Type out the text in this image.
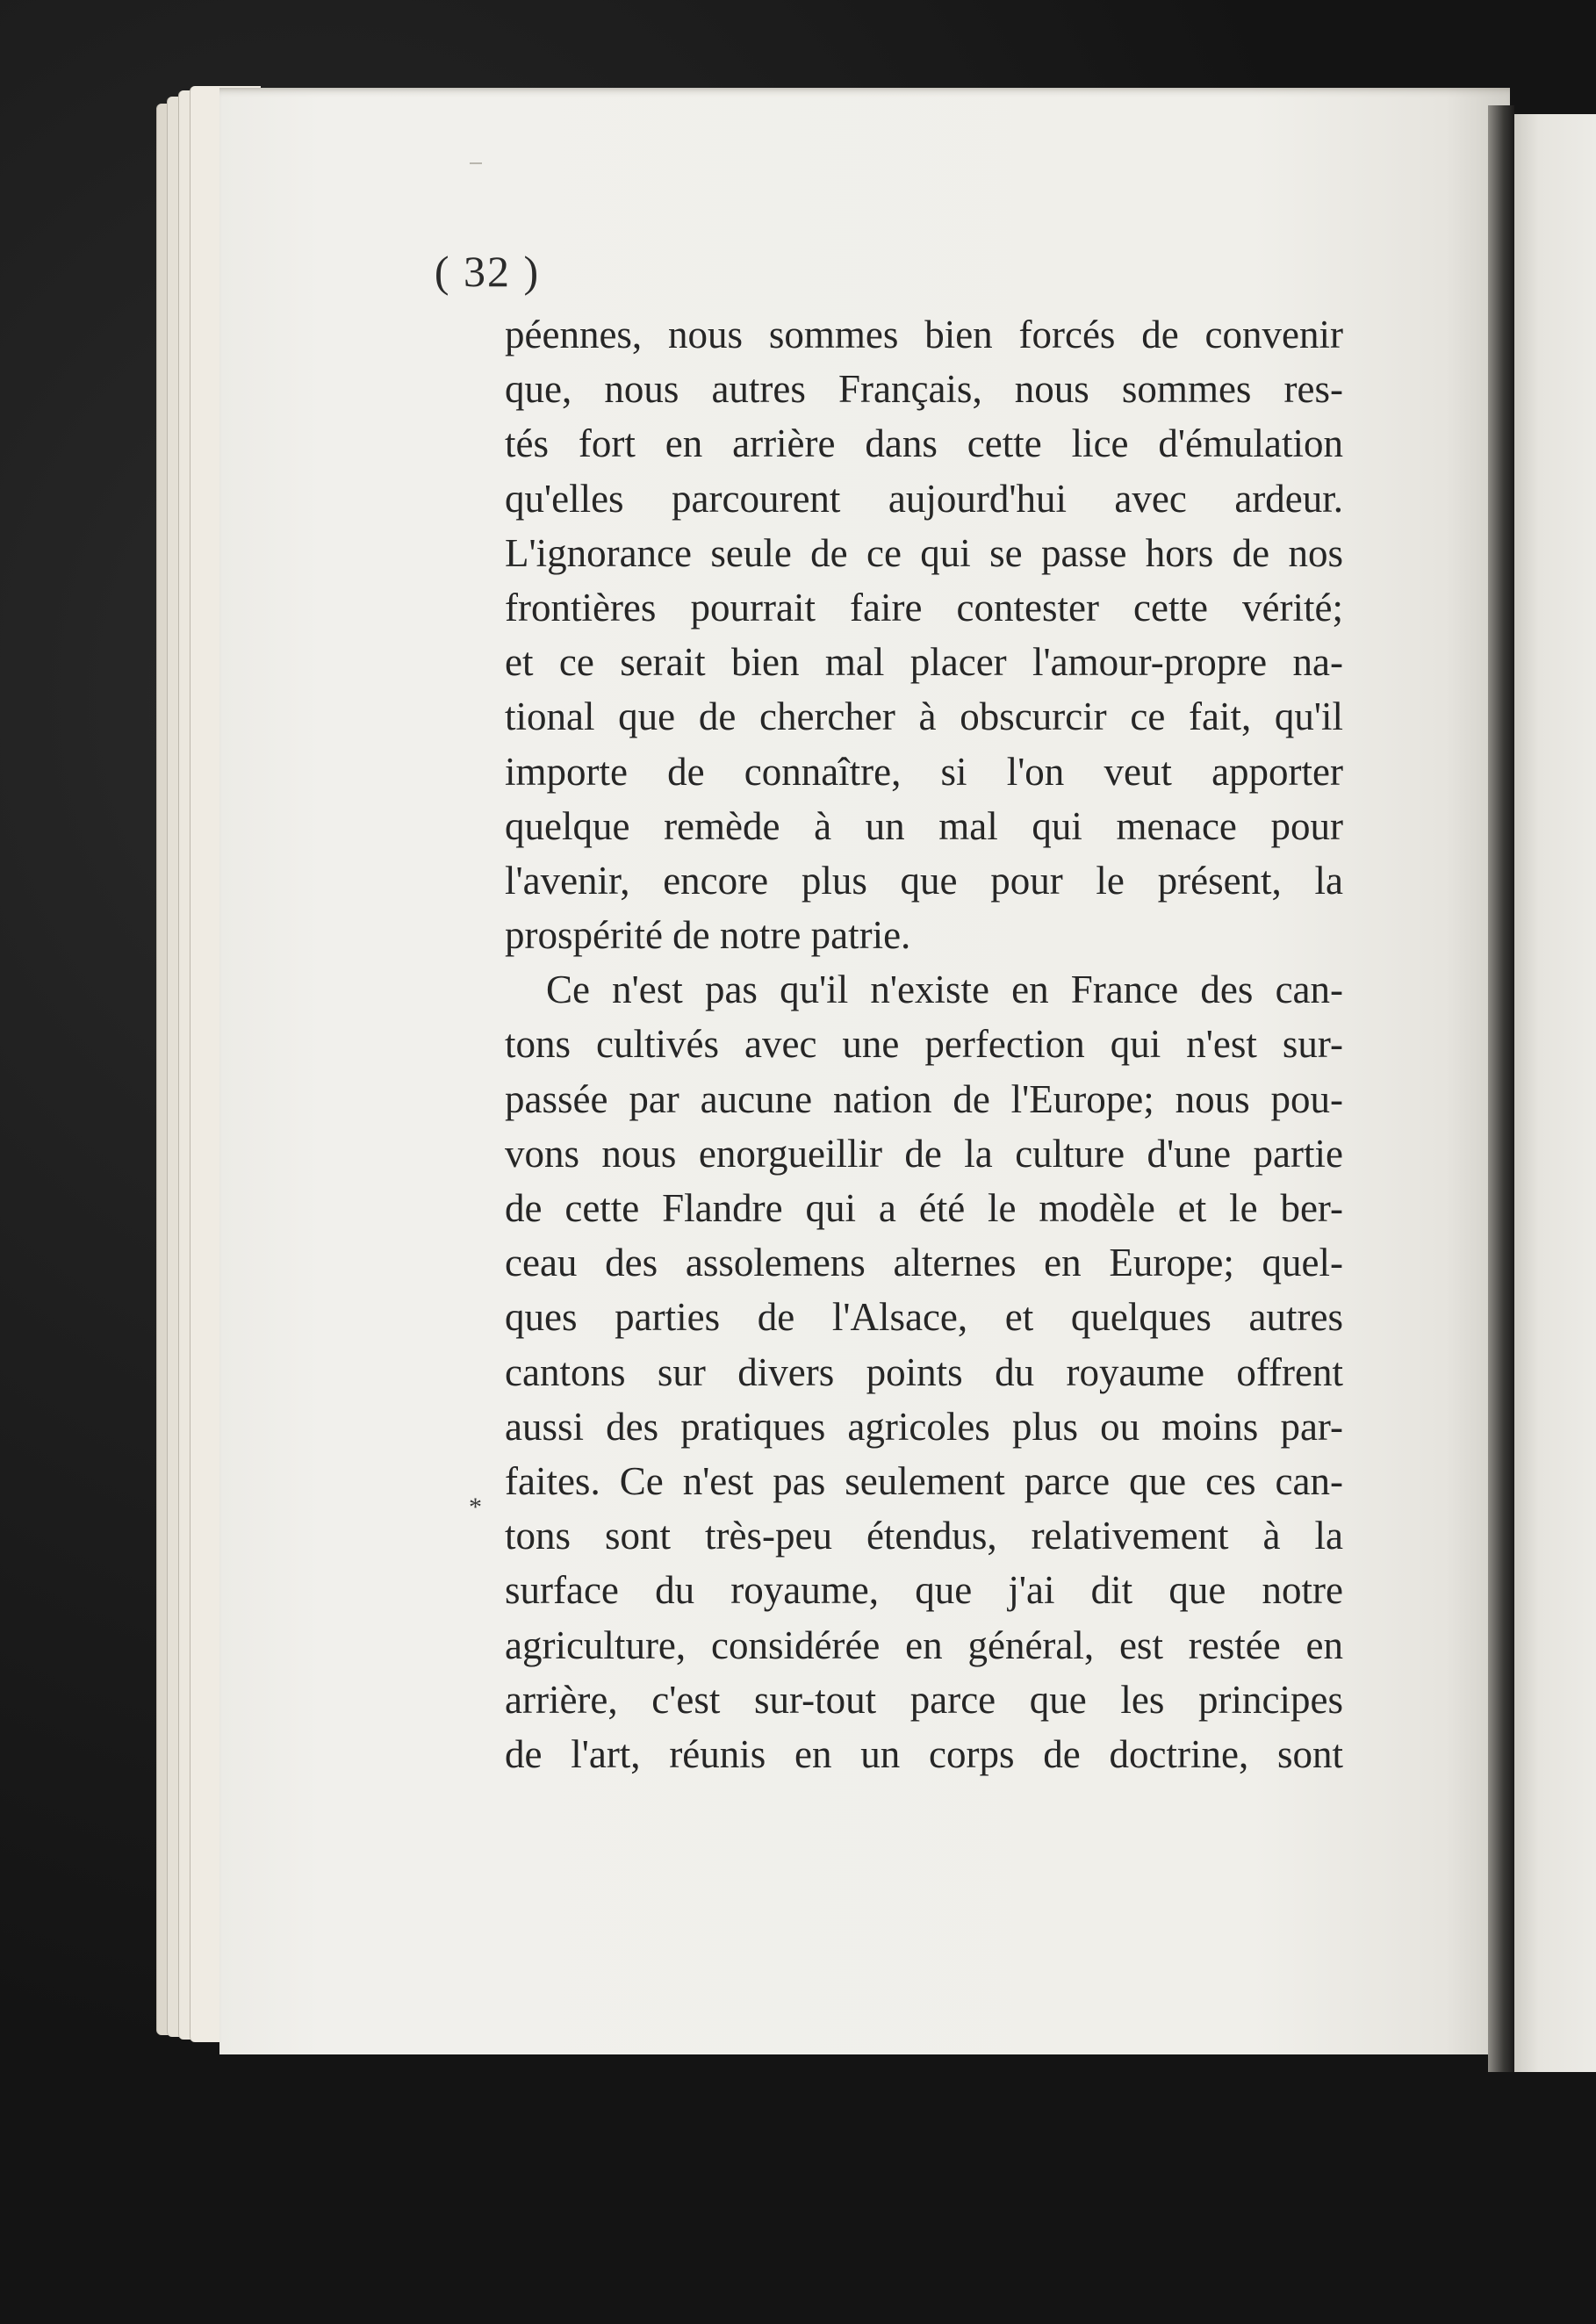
( 32 )
*
péennes, nous sommes bien forcés de convenir
que, nous autres Français, nous sommes res-
tés fort en arrière dans cette lice d'émulation
qu'elles parcourent aujourd'hui avec ardeur.
L'ignorance seule de ce qui se passe hors de nos
frontières pourrait faire contester cette vérité;
et ce serait bien mal placer l'amour-propre na-
tional que de chercher à obscurcir ce fait, qu'il
importe de connaître, si l'on veut apporter
quelque remède à un mal qui menace pour
l'avenir, encore plus que pour le présent, la
prospérité de notre patrie.
Ce n'est pas qu'il n'existe en France des can-
tons cultivés avec une perfection qui n'est sur-
passée par aucune nation de l'Europe; nous pou-
vons nous enorgueillir de la culture d'une partie
de cette Flandre qui a été le modèle et le ber-
ceau des assolemens alternes en Europe; quel-
ques parties de l'Alsace, et quelques autres
cantons sur divers points du royaume offrent
aussi des pratiques agricoles plus ou moins par-
faites. Ce n'est pas seulement parce que ces can-
tons sont très-peu étendus, relativement à la
surface du royaume, que j'ai dit que notre
agriculture, considérée en général, est restée en
arrière, c'est sur-tout parce que les principes
de l'art, réunis en un corps de doctrine, sont
